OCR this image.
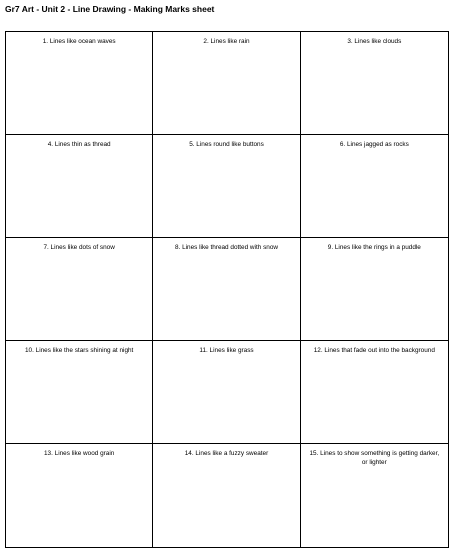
Gr7 Art - Unit 2 - Line Drawing - Making Marks sheet
1. Lines like ocean waves	2. Lines like rain	3. Lines like clouds
4. Lines thin as thread	5. Lines round like buttons	6. Lines jagged as rocks
7. Lines like dots of snow	8. Lines like thread dotted with snow	9. Lines like the rings in a puddle
10. Lines like the stars shining at night	11. Lines like grass	12. Lines that fade out into the background
13. Lines like wood grain	14. Lines like a fuzzy sweater	15. Lines to show something is getting darker, or lighter
